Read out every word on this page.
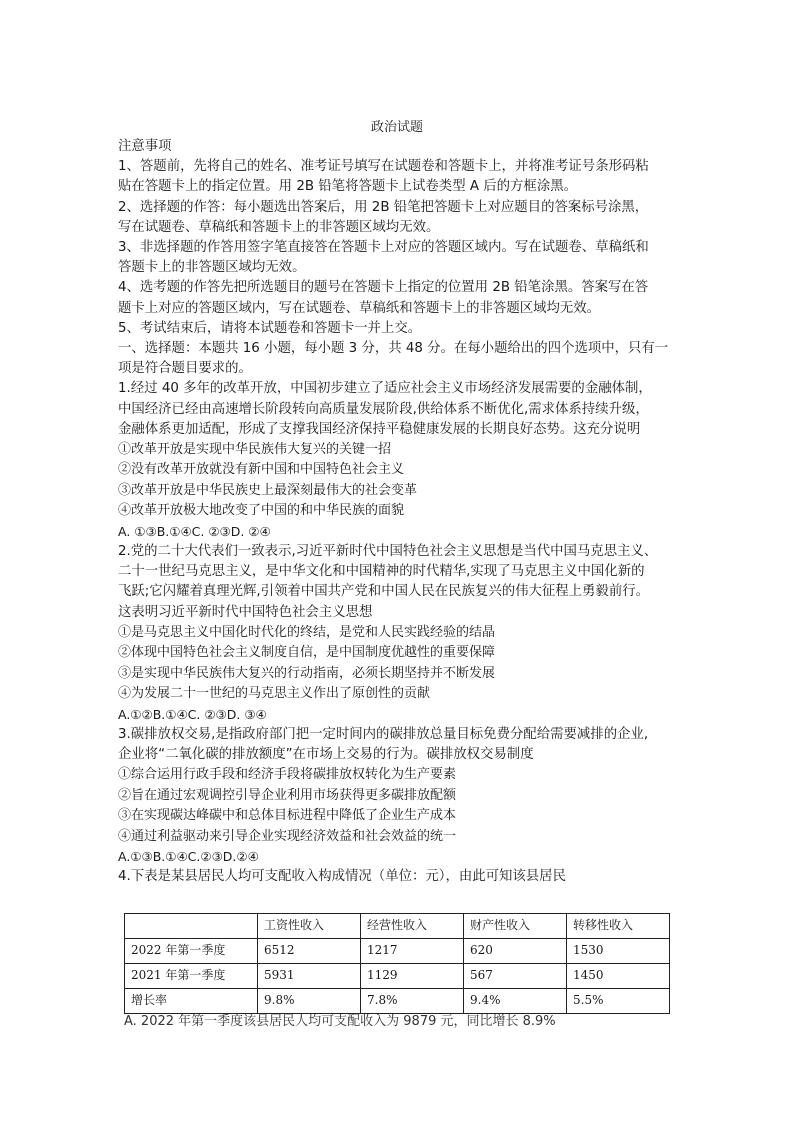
政治试题
注意事项
1、答题前，先将自己的姓名、准考证号填写在试题卷和答题卡上，并将准考证号条形码粘
贴在答题卡上的指定位置。用 2B 铅笔将答题卡上试卷类型 A 后的方框涂黑。
2、选择题的作答：每小题选出答案后，用 2B 铅笔把答题卡上对应题目的答案标号涂黑，
写在试题卷、草稿纸和答题卡上的非答题区域均无效。
3、非选择题的作答用签字笔直接答在答题卡上对应的答题区域内。写在试题卷、草稿纸和
答题卡上的非答题区域均无效。
4、选考题的作答先把所选题目的题号在答题卡上指定的位置用 2B 铅笔涂黑。答案写在答
题卡上对应的答题区域内，写在试题卷、草稿纸和答题卡上的非答题区域均无效。
5、考试结束后，请将本试题卷和答题卡一并上交。
一、选择题：本题共 16 小题，每小题 3 分，共 48 分。在每小题给出的四个选项中，只有一
项是符合题目要求的。
1.经过 40 多年的改革开放，中国初步建立了适应社会主义市场经济发展需要的金融体制，
中国经济已经由高速增长阶段转向高质量发展阶段,供给体系不断优化,需求体系持续升级，
金融体系更加适配，形成了支撑我国经济保持平稳健康发展的长期良好态势。这充分说明
①改革开放是实现中华民族伟大复兴的关键一招
②没有改革开放就没有新中国和中国特色社会主义
③改革开放是中华民族史上最深刻最伟大的社会变革
④改革开放极大地改变了中国的和中华民族的面貌
A. ①③B.①④C. ②③D. ②④
2.党的二十大代表们一致表示,习近平新时代中国特色社会主义思想是当代中国马克思主义、
二十一世纪马克思主义，是中华文化和中国精神的时代精华,实现了马克思主义中国化新的
飞跃;它闪耀着真理光辉,引领着中国共产党和中国人民在民族复兴的伟大征程上勇毅前行。
这表明习近平新时代中国特色社会主义思想
①是马克思主义中国化时代化的终结，是党和人民实践经验的结晶
②体现中国特色社会主义制度自信，是中国制度优越性的重要保障
③是实现中华民族伟大复兴的行动指南，必须长期坚持并不断发展
④为发展二十一世纪的马克思主义作出了原创性的贡献
A.①②B.①④C. ②③D. ③④
3.碳排放权交易,是指政府部门把一定时间内的碳排放总量目标免费分配给需要减排的企业,
企业将“二氧化碳的排放额度”在市场上交易的行为。碳排放权交易制度
①综合运用行政手段和经济手段将碳排放权转化为生产要素
②旨在通过宏观调控引导企业利用市场获得更多碳排放配额
③在实现碳达峰碳中和总体目标进程中降低了企业生产成本
④通过利益驱动来引导企业实现经济效益和社会效益的统一
A.①③B.①④C.②③D.②④
4.下表是某县居民人均可支配收入构成情况（单位：元），由此可知该县居民
	工资性收入	经营性收入	财产性收入	转移性收入
2022 年第一季度	6512	1217	620	1530
2021 年第一季度	5931	1129	567	1450
增长率	9.8%	7.8%	9.4%	5.5%
A. 2022 年第一季度该县居民人均可支配收入为 9879 元，同比增长 8.9%
